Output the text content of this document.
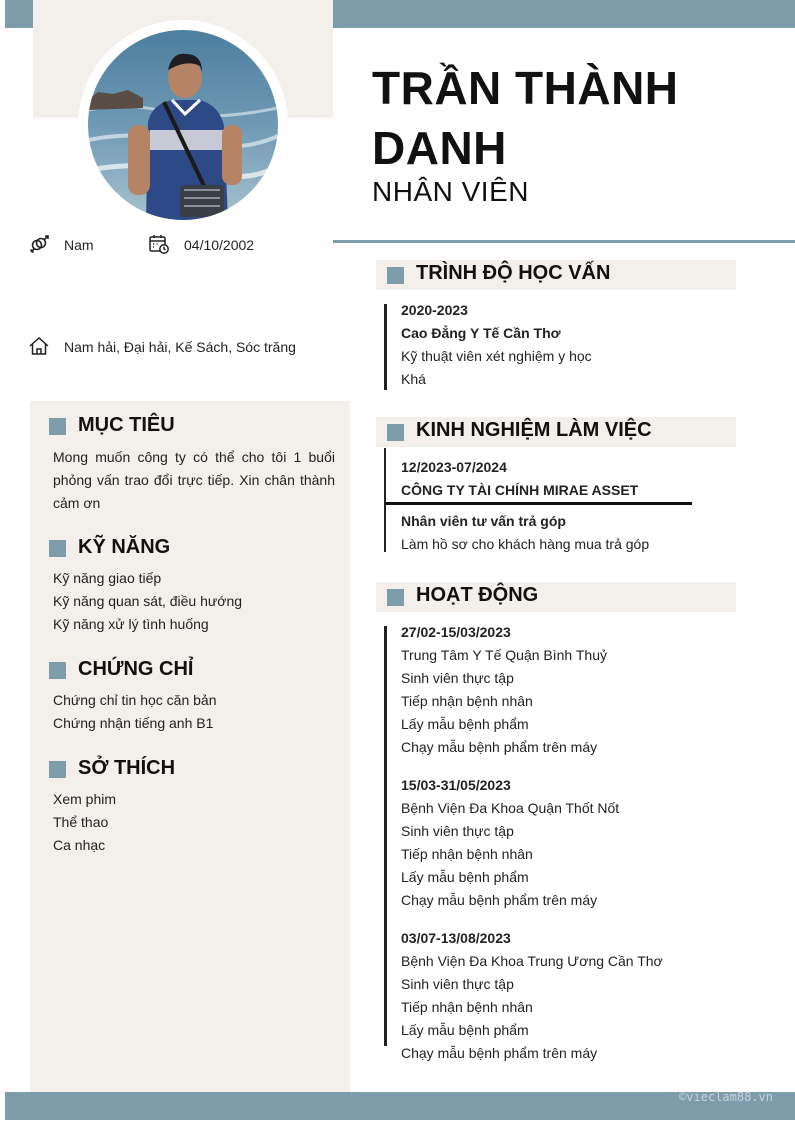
TRẦN THÀNH DANH
NHÂN VIÊN
Nam	04/10/2002
Nam hải, Đại hải, Kế Sách, Sóc trăng
MỤC TIÊU
Mong muốn công ty có thể cho tôi 1 buổi phỏng vấn trao đổi trực tiếp. Xin chân thành cảm ơn
KỸ NĂNG
Kỹ năng giao tiếp
Kỹ năng quan sát, điều hướng
Kỹ năng xử lý tình huống
CHỨNG CHỈ
Chứng chỉ tin học căn bản
Chứng nhận tiếng anh B1
SỞ THÍCH
Xem phim
Thể thao
Ca nhạc
TRÌNH ĐỘ HỌC VẤN
2020-2023
Cao Đẳng Y Tế Cần Thơ
Kỹ thuật viên xét nghiệm y học
Khá
KINH NGHIỆM LÀM VIỆC
12/2023-07/2024
CÔNG TY TÀI CHÍNH MIRAE ASSET
Nhân viên tư vấn trả góp
Làm hồ sơ cho khách hàng mua trả góp
HOẠT ĐỘNG
27/02-15/03/2023
Trung Tâm Y Tế Quận Bình Thuỷ
Sinh viên thực tập
Tiếp nhận bệnh nhân
Lấy mẫu bệnh phẩm
Chạy mẫu bệnh phẩm trên máy
15/03-31/05/2023
Bệnh Viện Đa Khoa Quận Thốt Nốt
Sinh viên thực tập
Tiếp nhận bệnh nhân
Lấy mẫu bệnh phẩm
Chạy mẫu bệnh phẩm trên máy
03/07-13/08/2023
Bệnh Viện Đa Khoa Trung Ương Cần Thơ
Sinh viên thực tập
Tiếp nhận bệnh nhân
Lấy mẫu bệnh phẩm
Chạy mẫu bệnh phẩm trên máy
©vieclam88.vn
